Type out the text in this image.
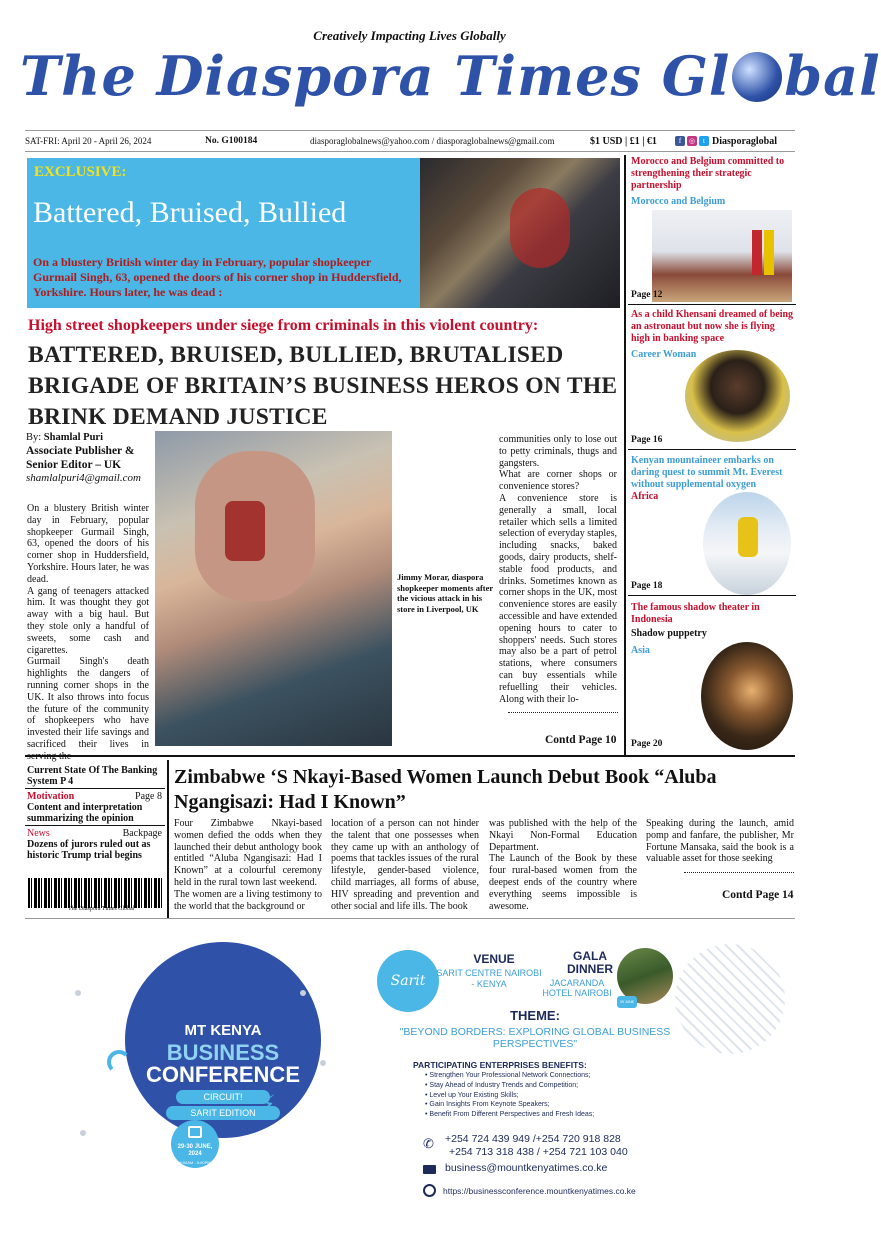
Creatively Impacting Lives Globally
The Diaspora Times Gl bal
SAT-FRI: April 20 - April 26, 2024	No. G100184	diasporaglobalnews@yahoo.com / diasporaglobalnews@gmail.com	$1 USD | £1 | €1	f	◎	t Diasporaglobal
EXCLUSIVE:
Battered, Bruised, Bullied
On a blustery British winter day in February, popular shopkeeper Gurmail Singh, 63, opened the doors of his corner shop in Huddersfield, Yorkshire. Hours later, he was dead :
High street shopkeepers under siege from criminals in this violent country:
BATTERED, BRUISED, BULLIED, BRUTALISED BRIGADE OF BRITAIN’S BUSINESS HEROS ON THE BRINK DEMAND JUSTICE
By: Shamlal Puri
Associate Publisher & Senior Editor – UK
shamlalpuri4@gmail.com

On a blustery British winter day in February, popular shopkeeper Gurmail Singh, 63, opened the doors of his corner shop in Huddersfield, Yorkshire. Hours later, he was dead.

A gang of teenagers attacked him. It was thought they got away with a big haul. But they stole only a handful of sweets, some cash and cigarettes.

Gurmail Singh's death highlights the dangers of running corner shops in the UK. It also throws into focus the future of the community of shopkeepers who have invested their life savings and sacrificed their lives in serving the

Jimmy Morar, diaspora shopkeeper moments after the vicious attack in his store in Liverpool, UK

communities only to lose out to petty criminals, thugs and gangsters.

What are corner shops or convenience stores?

A convenience store is generally a small, local retailer which sells a limited selection of everyday staples, including snacks, baked goods, dairy products, shelf-stable food products, and drinks. Sometimes known as corner shops in the UK, most convenience stores are easily accessible and have extended opening hours to cater to shoppers' needs. Such stores may also be a part of petrol stations, where consumers can buy essentials while refuelling their vehicles. Along with their lo-

Contd Page 10
Morocco and Belgium committed to strengthening their strategic partnership
Morocco and Belgium
Page 12
As a child Khensani dreamed of being an astronaut but now she is flying high in banking space
Career Woman
Page 16
Kenyan mountaineer embarks on daring quest to summit Mt. Everest without supplemental oxygen
Africa
Page 18
The famous shadow theater in Indonesia
Shadow puppetry
Asia
Page 20
Current State Of The Banking System P 4
Motivation	Page 8
Content and interpretation summarizing the opinion
News	Backpage
Dozens of jurors ruled out as historic Trump trial begins
The Diaspora Times Global
Zimbabwe ‘S Nkayi-Based Women Launch Debut Book “Aluba Ngangisazi: Had I Known”

Four Zimbabwe Nkayi-based women defied the odds when they launched their debut anthology book entitled “Aluba Ngangisazi: Had I Known” at a colourful ceremony held in the rural town last weekend.

The women are a living testimony to the world that the background or

location of a person can not hinder the talent that one possesses when they came up with an anthology of poems that tackles issues of the rural lifestyle, gender-based violence, child marriages, all forms of abuse, HIV spreading and prevention and other social and life ills. The book

was published with the help of the Nkayi Non-Formal Education Department.

The Launch of the Book by these four rural-based women from the deepest ends of the country where everything seems impossible is awesome.

Speaking during the launch, amid pomp and fanfare, the publisher, Mr Fortune Mansaka, said the book is a valuable asset for those seeking

Contd Page 14
MT KENYA
BUSINESS
CONFERENCE
CIRCUIT!
SARIT EDITION
29-30 JUNE, 2024
8:00AM - 5:00PM
⚡
Sarit
VENUE
SARIT CENTRE NAIROBI - KENYA
GALA DINNER
JACARANDA HOTEL NAIROBI
29 JUNE 2024
THEME:
"BEYOND BORDERS: EXPLORING GLOBAL BUSINESS PERSPECTIVES"
PARTICIPATING ENTERPRISES BENEFITS:
• Strengthen Your Professional Network Connections;
• Stay Ahead of Industry Trends and Competition;
• Level up Your Existing Skills;
• Gain Insights From Keynote Speakers;
• Benefit From Different Perspectives and Fresh Ideas;
✆ +254 724 439 949 /+254 720 918 828
+254 713 318 438 / +254 721 103 040
business@mountkenyatimes.co.ke
https://businessconference.mountkenyatimes.co.ke
